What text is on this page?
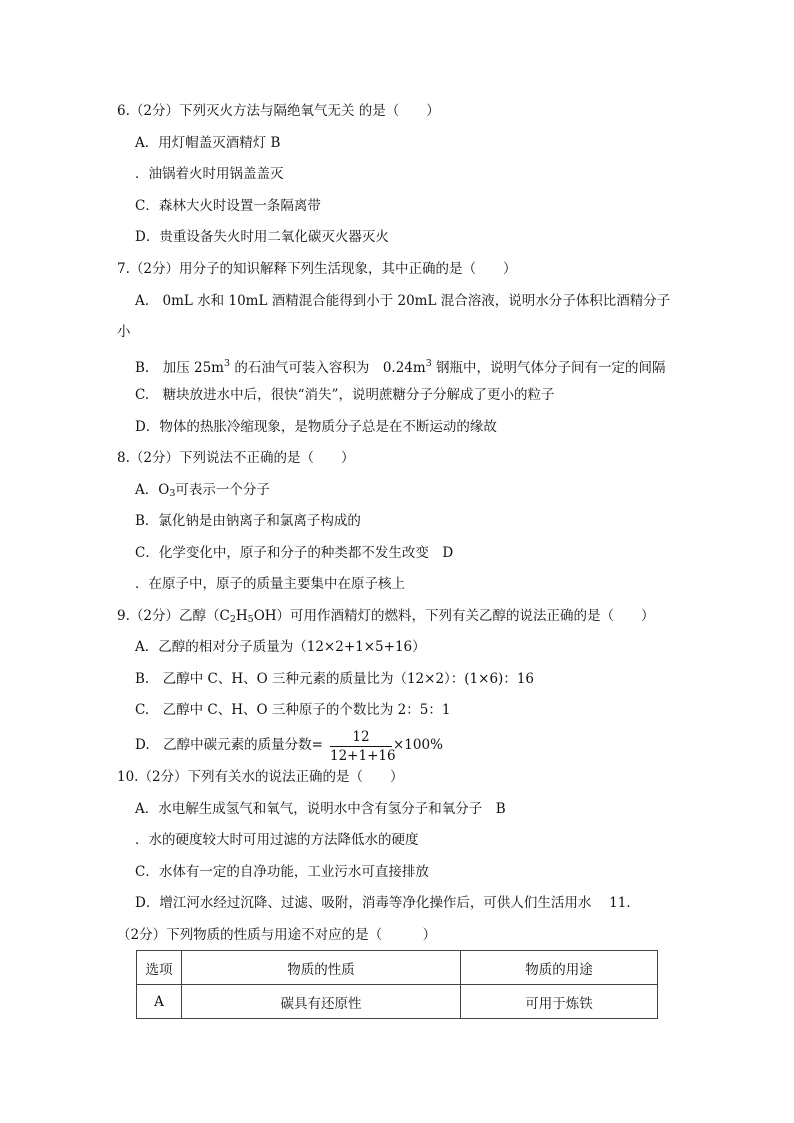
6.（2分）下列灭火方法与隔绝氧气无关 的是（　　）
A．用灯帽盖灭酒精灯 B
．油锅着火时用锅盖盖灭
C．森林大火时设置一条隔离带
D．贵重设备失火时用二氧化碳灭火器灭火
7.（2分）用分子的知识解释下列生活现象，其中正确的是（　　）
A.　0mL 水和 10mL 酒精混合能得到小于 20mL 混合溶液，说明水分子体积比酒精分子
小
B.　加压 $25m^3$ 的石油气可装入容积为　$0.24m^3$ 钢瓶中，说明气体分子间有一定的间隔
C.　糖块放进水中后，很快“消失”，说明蔗糖分子分解成了更小的粒子
D．物体的热胀冷缩现象，是物质分子总是在不断运动的缘故
8.（2分）下列说法不正确的是（　　）
A．$O_3$可表示一个分子
B．氯化钠是由钠离子和氯离子构成的
C．化学变化中，原子和分子的种类都不发生改变　D
．在原子中，原子的质量主要集中在原子核上
9.（2分）乙醇$(C_2H_5OH)$可用作酒精灯的燃料，下列有关乙醇的说法正确的是（　　）
A．乙醇的相对分子质量为（12×2+1×5+16）
B.　乙醇中 C、H、O 三种元素的质量比为（12×2）：(1×6)：16
C.　乙醇中 C、H、O 三种原子的个数比为 2：5：1
D.　乙醇中碳元素的质量分数= $\frac{12}{12+1+16} \times 100\%$
10.（2分）下列有关水的说法正确的是（　　）
A．水电解生成氢气和氧气，说明水中含有氢分子和氧分子　B
．水的硬度较大时可用过滤的方法降低水的硬度
C．水体有一定的自净功能，工业污水可直接排放
D．增江河水经过沉降、过滤、吸附，消毒等净化操作后，可供人们生活用水　 11.
（2分）下列物质的性质与用途不对应的是（　　　）
选项	物质的性质	物质的用途
A	碳具有还原性	可用于炼铁
